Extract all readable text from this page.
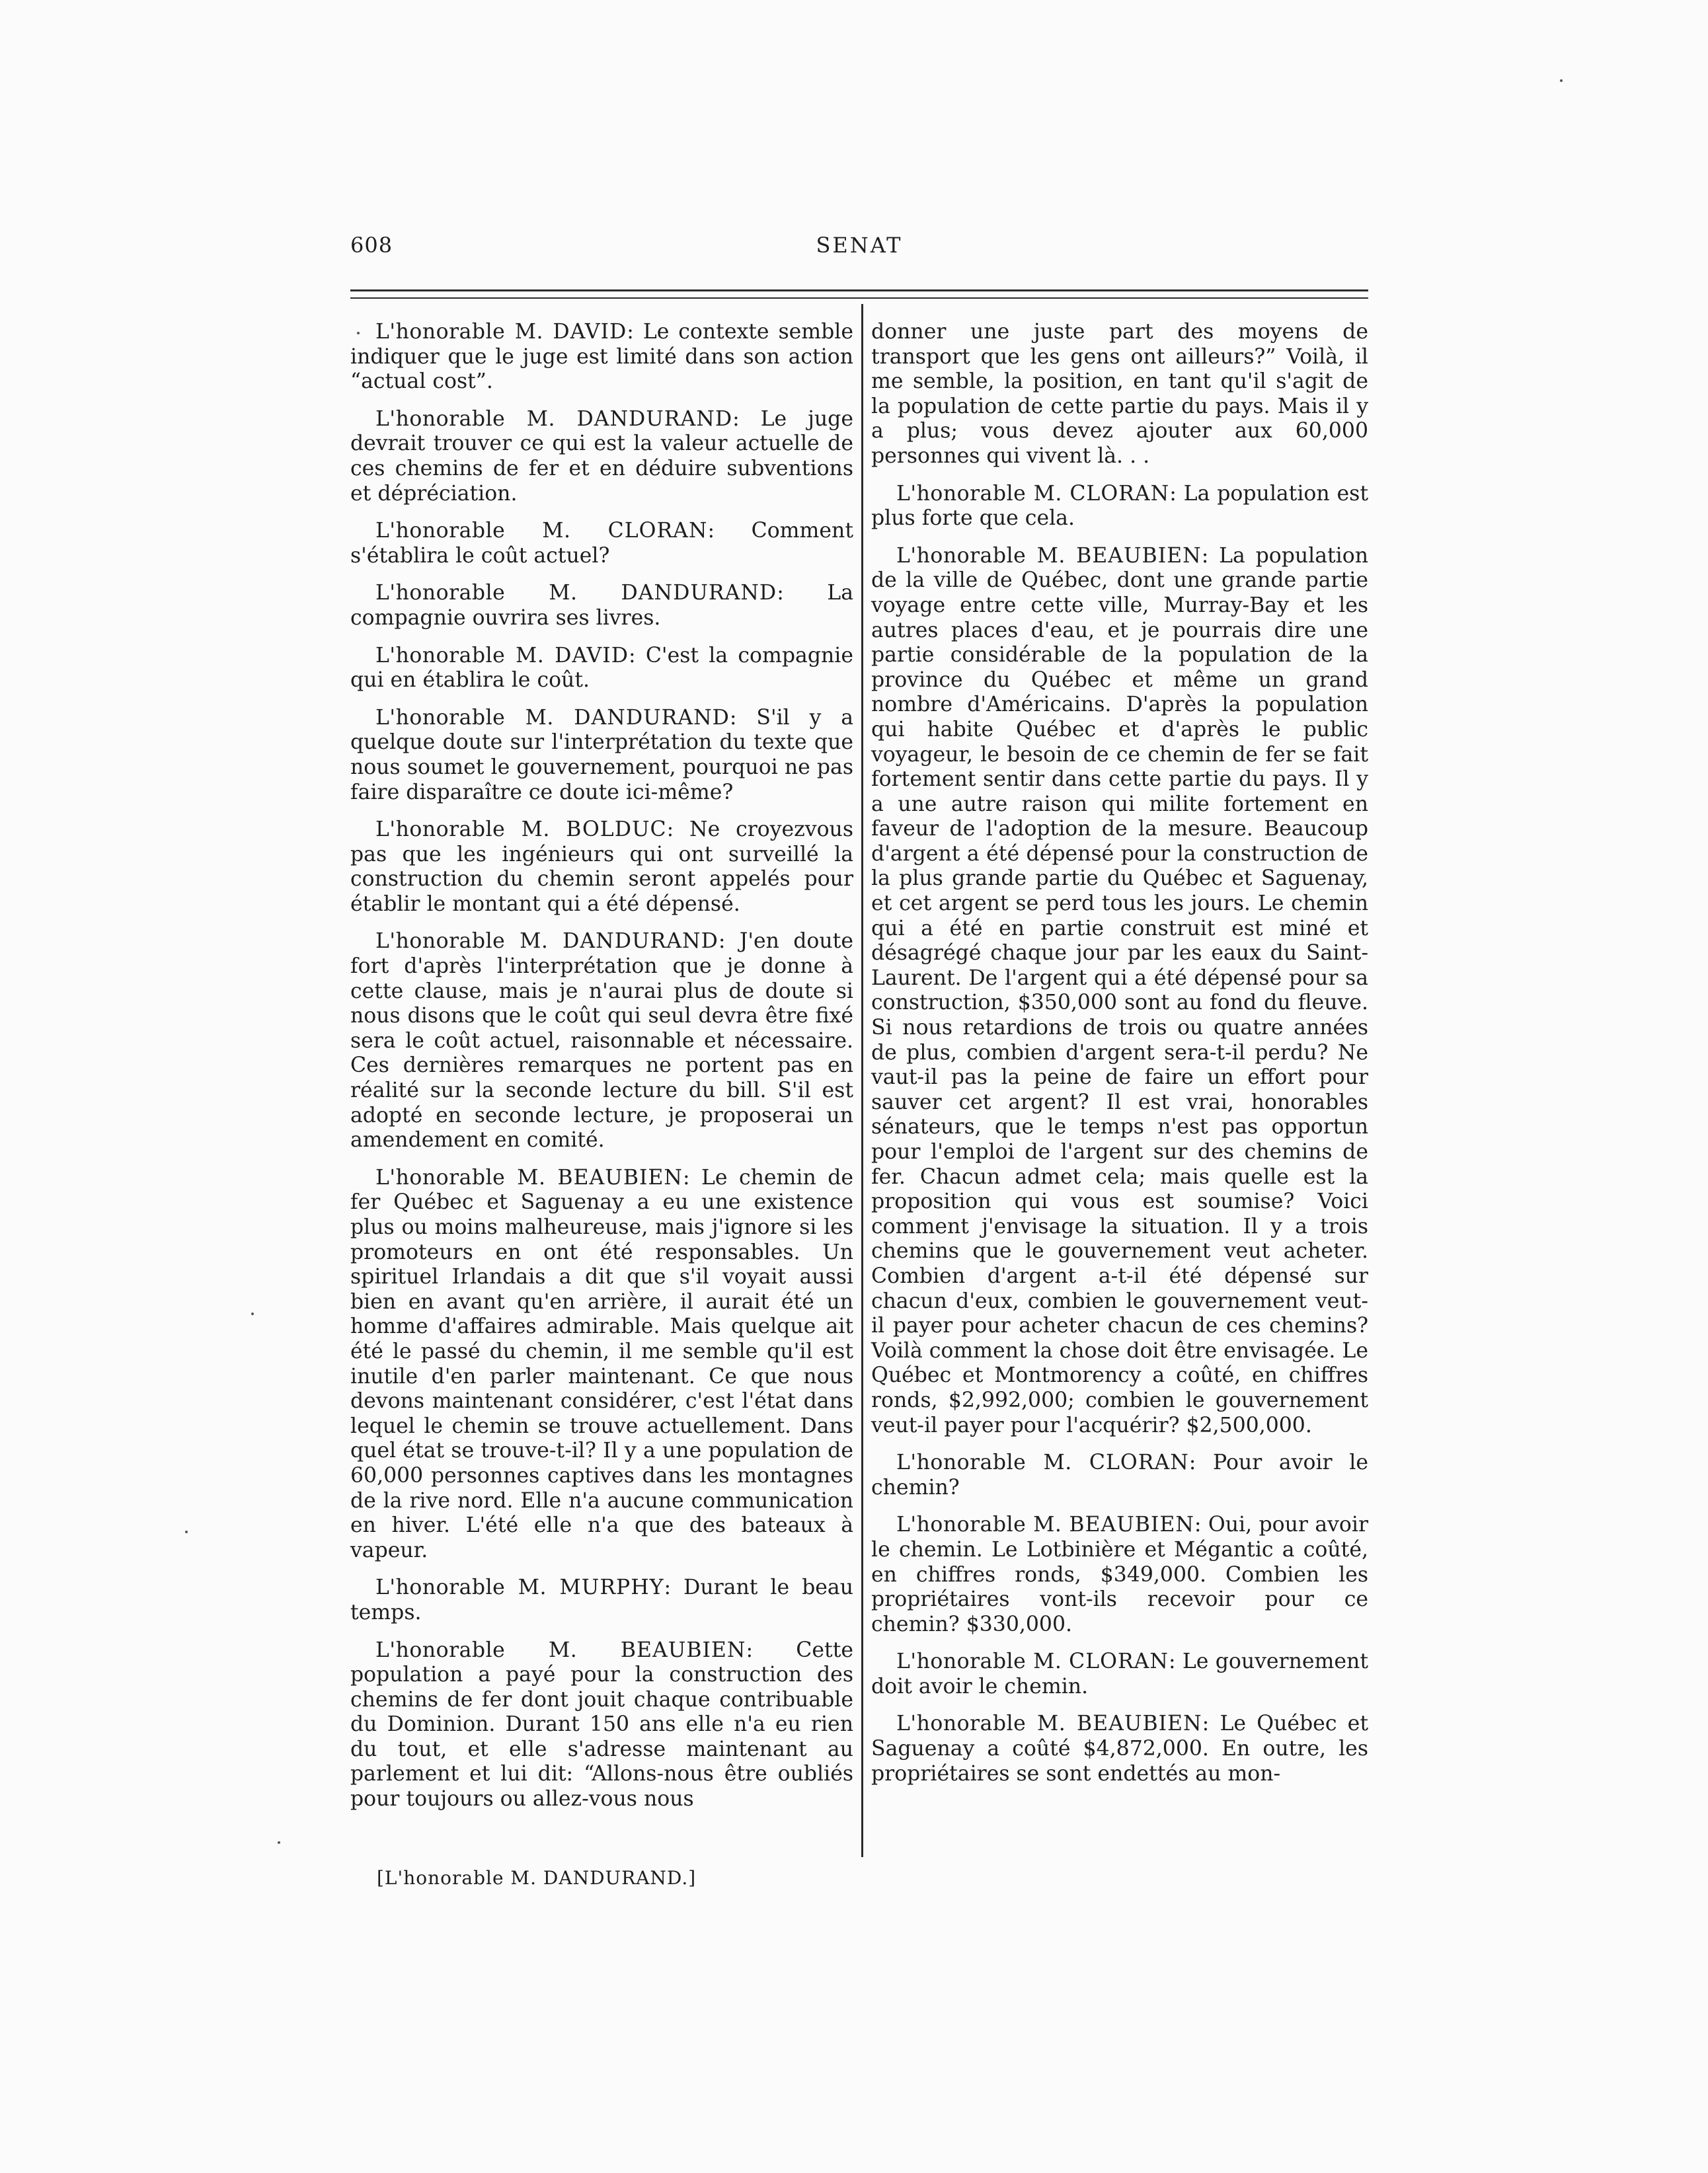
608	SENAT

L'honorable M. DAVID: Le contexte semble indiquer que le juge est limité dans son action “actual cost”.

L'honorable M. DANDURAND: Le juge devrait trouver ce qui est la valeur actuelle de ces chemins de fer et en déduire subventions et dépréciation.

L'honorable M. CLORAN: Comment s'établira le coût actuel?

L'honorable M. DANDURAND: La compagnie ouvrira ses livres.

L'honorable M. DAVID: C'est la compagnie qui en établira le coût.

L'honorable M. DANDURAND: S'il y a quelque doute sur l'interprétation du texte que nous soumet le gouvernement, pourquoi ne pas faire disparaître ce doute ici-même?

L'honorable M. BOLDUC: Ne croyezvous pas que les ingénieurs qui ont surveillé la construction du chemin seront appelés pour établir le montant qui a été dépensé.

L'honorable M. DANDURAND: J'en doute fort d'après l'interprétation que je donne à cette clause, mais je n'aurai plus de doute si nous disons que le coût qui seul devra être fixé sera le coût actuel, raisonnable et nécessaire. Ces dernières remarques ne portent pas en réalité sur la seconde lecture du bill. S'il est adopté en seconde lecture, je proposerai un amendement en comité.

L'honorable M. BEAUBIEN: Le chemin de fer Québec et Saguenay a eu une existence plus ou moins malheureuse, mais j'ignore si les promoteurs en ont été responsables. Un spirituel Irlandais a dit que s'il voyait aussi bien en avant qu'en arrière, il aurait été un homme d'affaires admirable. Mais quelque ait été le passé du chemin, il me semble qu'il est inutile d'en parler maintenant. Ce que nous devons maintenant considérer, c'est l'état dans lequel le chemin se trouve actuellement. Dans quel état se trouve-t-il? Il y a une population de 60,000 personnes captives dans les montagnes de la rive nord. Elle n'a aucune communication en hiver. L'été elle n'a que des bateaux à vapeur.

L'honorable M. MURPHY: Durant le beau temps.

L'honorable M. BEAUBIEN: Cette population a payé pour la construction des chemins de fer dont jouit chaque contribuable du Dominion. Durant 150 ans elle n'a eu rien du tout, et elle s'adresse maintenant au parlement et lui dit: “Allons-nous être oubliés pour toujours ou allez-vous nous

donner une juste part des moyens de transport que les gens ont ailleurs?” Voilà, il me semble, la position, en tant qu'il s'agit de la population de cette partie du pays. Mais il y a plus; vous devez ajouter aux 60,000 personnes qui vivent là. . .

L'honorable M. CLORAN: La population est plus forte que cela.

L'honorable M. BEAUBIEN: La population de la ville de Québec, dont une grande partie voyage entre cette ville, Murray-Bay et les autres places d'eau, et je pourrais dire une partie considérable de la population de la province du Québec et même un grand nombre d'Américains. D'après la population qui habite Québec et d'après le public voyageur, le besoin de ce chemin de fer se fait fortement sentir dans cette partie du pays. Il y a une autre raison qui milite fortement en faveur de l'adoption de la mesure. Beaucoup d'argent a été dépensé pour la construction de la plus grande partie du Québec et Saguenay, et cet argent se perd tous les jours. Le chemin qui a été en partie construit est miné et désagrégé chaque jour par les eaux du Saint-Laurent. De l'argent qui a été dépensé pour sa construction, $350,000 sont au fond du fleuve. Si nous retardions de trois ou quatre années de plus, combien d'argent sera-t-il perdu? Ne vaut-il pas la peine de faire un effort pour sauver cet argent? Il est vrai, honorables sénateurs, que le temps n'est pas opportun pour l'emploi de l'argent sur des chemins de fer. Chacun admet cela; mais quelle est la proposition qui vous est soumise? Voici comment j'envisage la situation. Il y a trois chemins que le gouvernement veut acheter. Combien d'argent a-t-il été dépensé sur chacun d'eux, combien le gouvernement veut-il payer pour acheter chacun de ces chemins? Voilà comment la chose doit être envisagée. Le Québec et Montmorency a coûté, en chiffres ronds, $2,992,000; combien le gouvernement veut-il payer pour l'acquérir? $2,500,000.

L'honorable M. CLORAN: Pour avoir le chemin?

L'honorable M. BEAUBIEN: Oui, pour avoir le chemin. Le Lotbinière et Mégantic a coûté, en chiffres ronds, $349,000. Combien les propriétaires vont-ils recevoir pour ce chemin? $330,000.

L'honorable M. CLORAN: Le gouvernement doit avoir le chemin.

L'honorable M. BEAUBIEN: Le Québec et Saguenay a coûté $4,872,000. En outre, les propriétaires se sont endettés au mon-

[L'honorable M. DANDURAND.]
